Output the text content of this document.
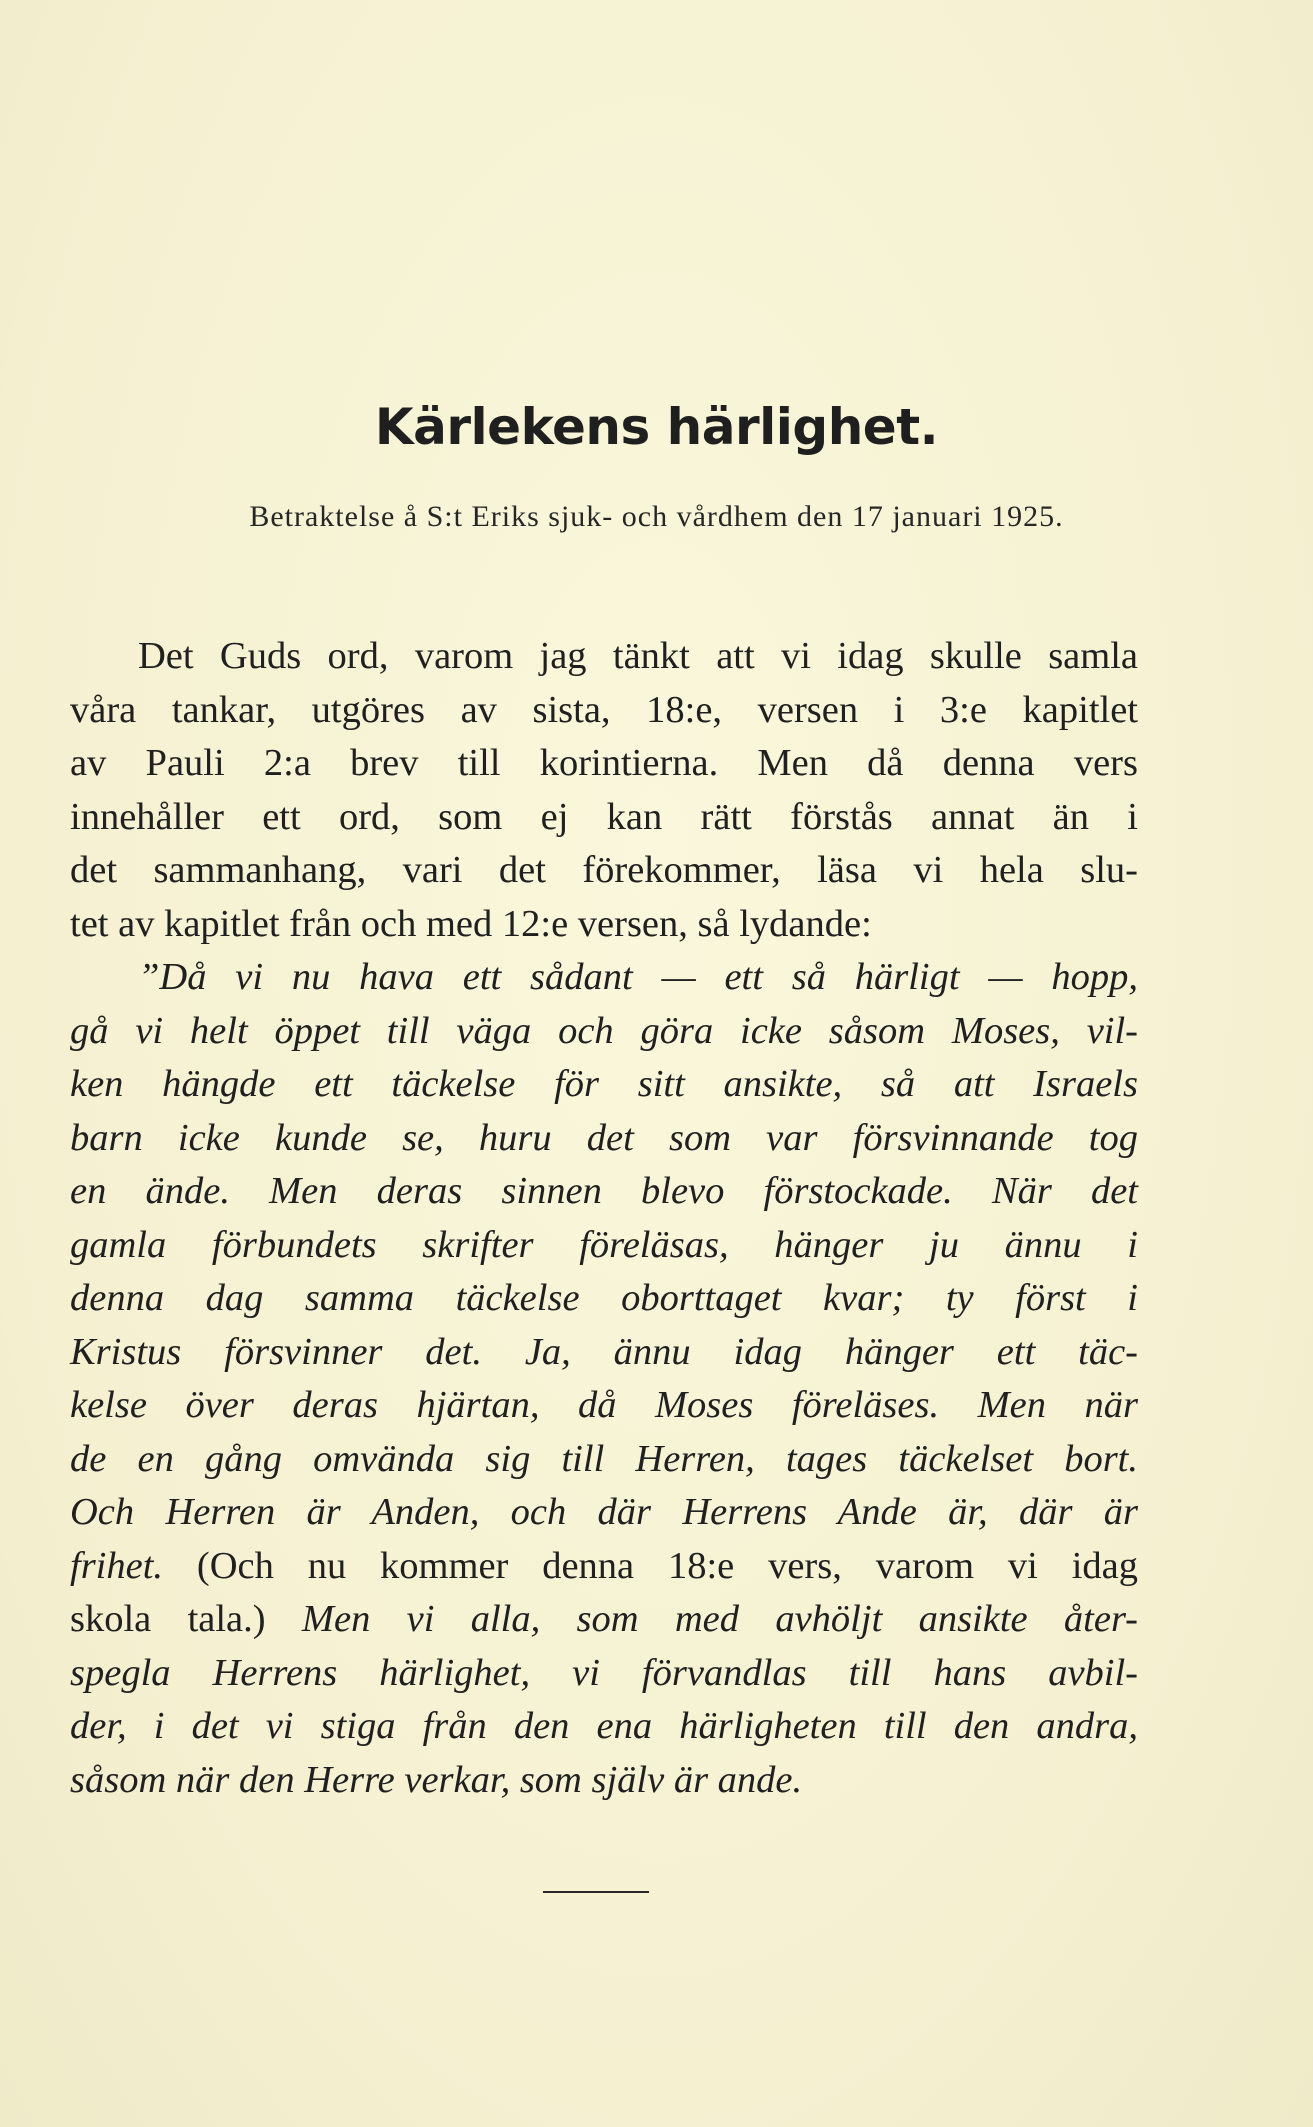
Kärlekens härlighet.
Betraktelse å S:t Eriks sjuk- och vårdhem den 17 januari 1925.
Det Guds ord, varom jag tänkt att vi idag skulle samla
våra tankar, utgöres av sista, 18:e, versen i 3:e kapitlet
av Pauli 2:a brev till korintierna. Men då denna vers
innehåller ett ord, som ej kan rätt förstås annat än i
det sammanhang, vari det förekommer, läsa vi hela slu-
tet av kapitlet från och med 12:e versen, så lydande:
”Då vi nu hava ett sådant — ett så härligt — hopp,
gå vi helt öppet till väga och göra icke såsom Moses, vil-
ken hängde ett täckelse för sitt ansikte, så att Israels
barn icke kunde se, huru det som var försvinnande tog
en ände. Men deras sinnen blevo förstockade. När det
gamla förbundets skrifter föreläsas, hänger ju ännu i
denna dag samma täckelse oborttaget kvar; ty först i
Kristus försvinner det. Ja, ännu idag hänger ett täc-
kelse över deras hjärtan, då Moses föreläses. Men när
de en gång omvända sig till Herren, tages täckelset bort.
Och Herren är Anden, och där Herrens Ande är, där är
frihet. (Och nu kommer denna 18:e vers, varom vi idag
skola tala.) Men vi alla, som med avhöljt ansikte åter-
spegla Herrens härlighet, vi förvandlas till hans avbil-
der, i det vi stiga från den ena härligheten till den andra,
såsom när den Herre verkar, som själv är ande.
